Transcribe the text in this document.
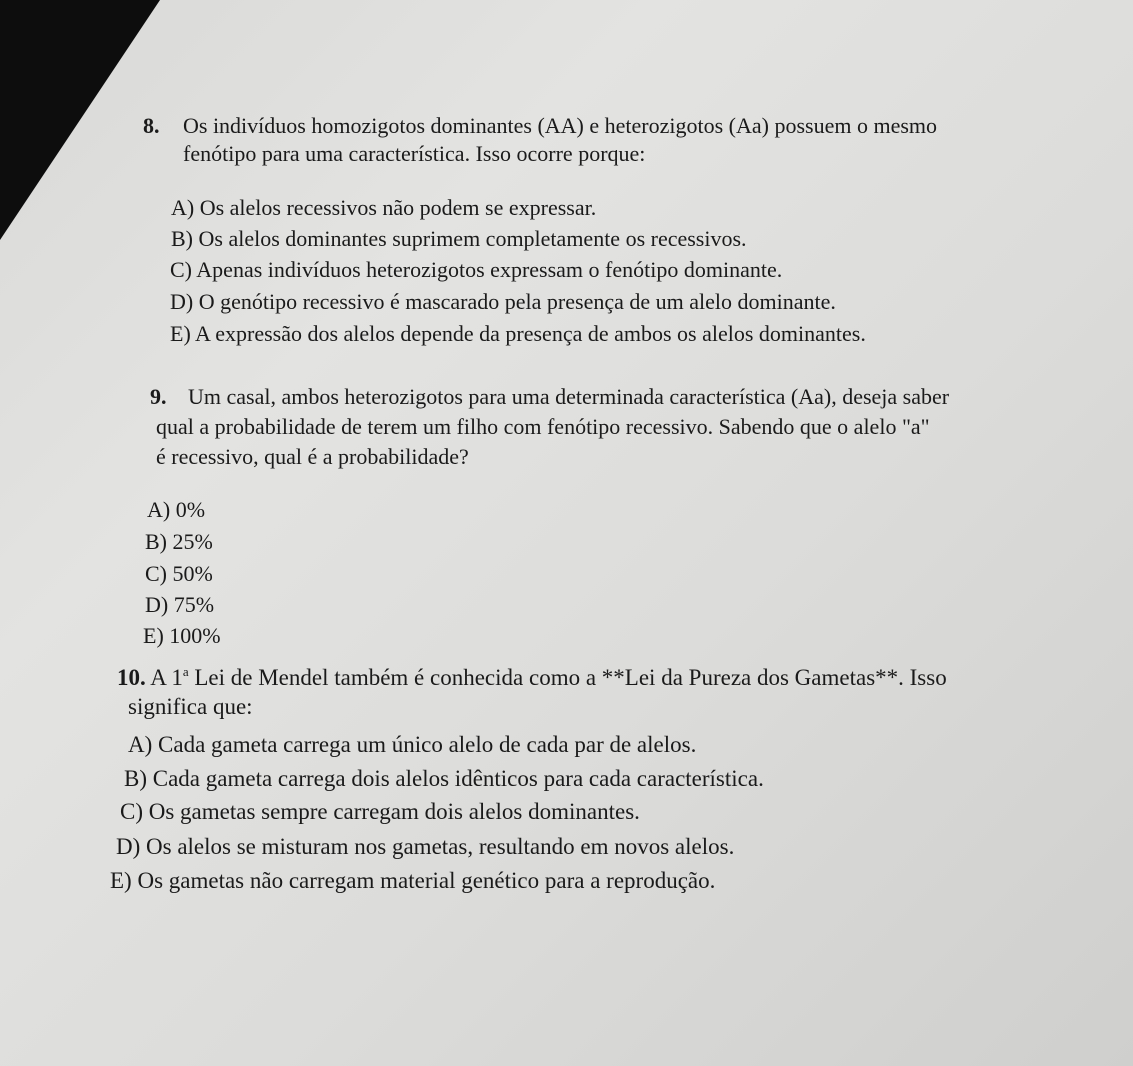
8. Os indivíduos homozigotos dominantes (AA) e heterozigotos (Aa) possuem o mesmo
fenótipo para uma característica. Isso ocorre porque:
A) Os alelos recessivos não podem se expressar.
B) Os alelos dominantes suprimem completamente os recessivos.
C) Apenas indivíduos heterozigotos expressam o fenótipo dominante.
D) O genótipo recessivo é mascarado pela presença de um alelo dominante.
E) A expressão dos alelos depende da presença de ambos os alelos dominantes.
9. Um casal, ambos heterozigotos para uma determinada característica (Aa), deseja saber
qual a probabilidade de terem um filho com fenótipo recessivo. Sabendo que o alelo "a"
é recessivo, qual é a probabilidade?
A) 0%
B) 25%
C) 50%
D) 75%
E) 100%
10. A 1$^a$ Lei de Mendel também é conhecida como a **Lei da Pureza dos Gametas**. Isso
significa que:
A) Cada gameta carrega um único alelo de cada par de alelos.
B) Cada gameta carrega dois alelos idênticos para cada característica.
C) Os gametas sempre carregam dois alelos dominantes.
D) Os alelos se misturam nos gametas, resultando em novos alelos.
E) Os gametas não carregam material genético para a reprodução.
